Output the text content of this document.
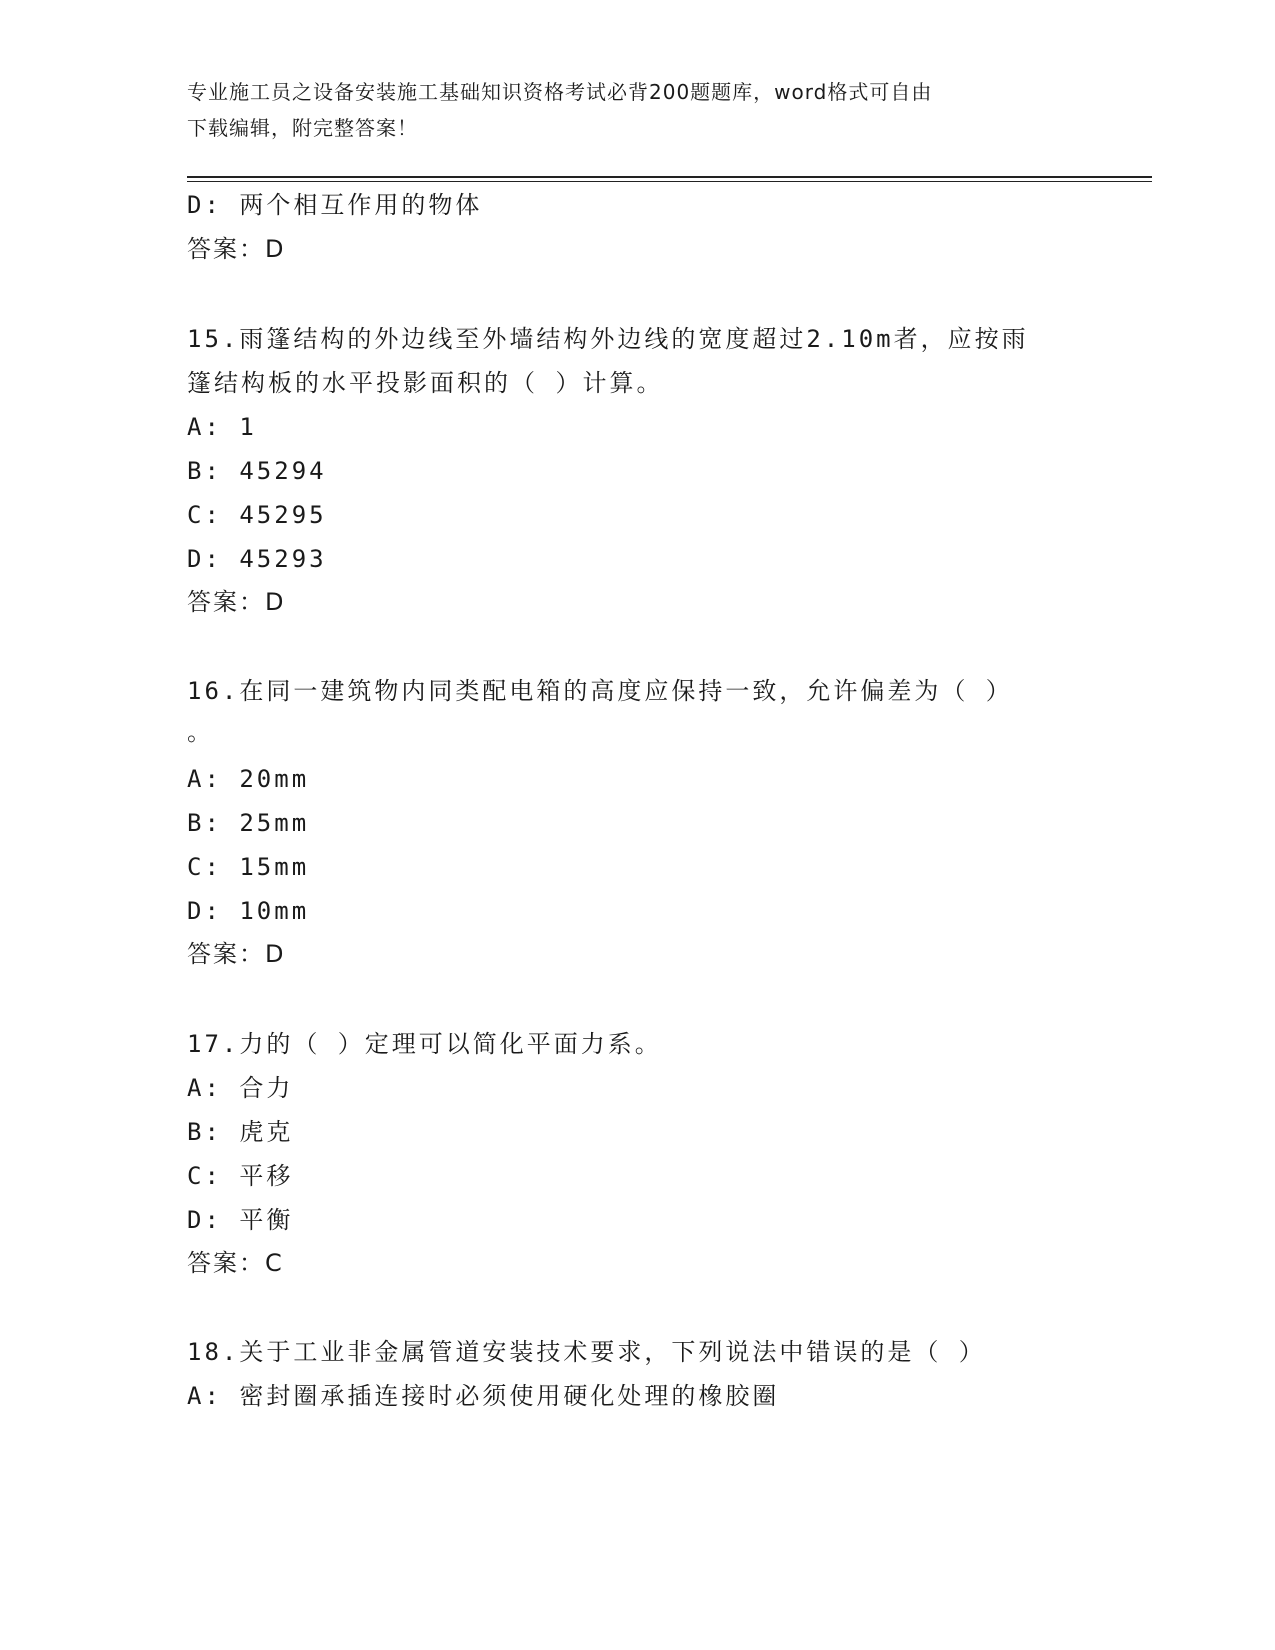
专业施工员之设备安装施工基础知识资格考试必背200题题库，word格式可自由
下载编辑，附完整答案！
D: 两个相互作用的物体
答案：D
15.雨篷结构的外边线至外墙结构外边线的宽度超过2.10m者，应按雨
篷结构板的水平投影面积的（ ）计算。
A: 1
B: 45294
C: 45295
D: 45293
答案：D
16.在同一建筑物内同类配电箱的高度应保持一致，允许偏差为（ ）
。
A: 20mm
B: 25mm
C: 15mm
D: 10mm
答案：D
17.力的（ ）定理可以简化平面力系。
A: 合力
B: 虎克
C: 平移
D: 平衡
答案：C
18.关于工业非金属管道安装技术要求，下列说法中错误的是（ ）
A: 密封圈承插连接时必须使用硬化处理的橡胶圈
